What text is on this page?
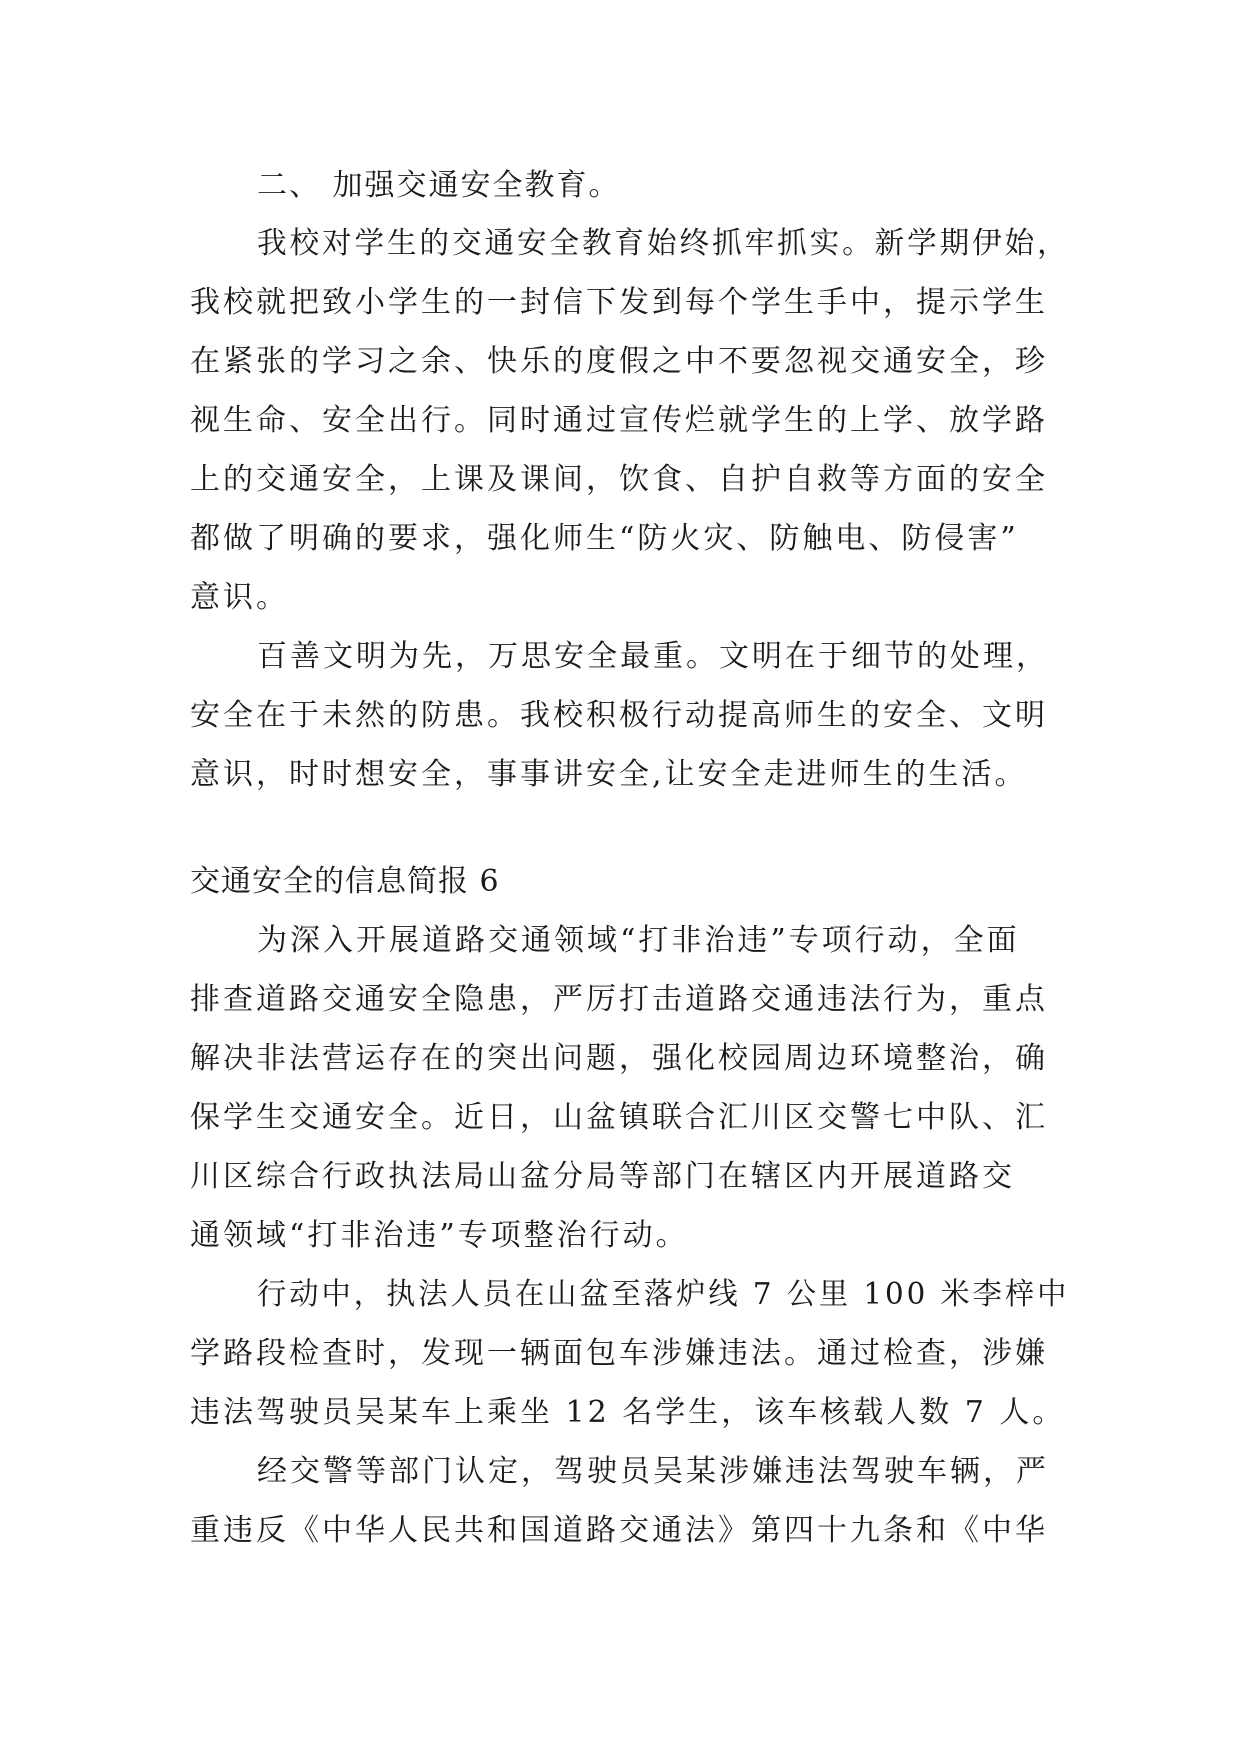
二、 加强交通安全教育。
我校对学生的交通安全教育始终抓牢抓实。新学期伊始，
我校就把致小学生的一封信下发到每个学生手中，提示学生
在紧张的学习之余、快乐的度假之中不要忽视交通安全，珍
视生命、安全出行。同时通过宣传烂就学生的上学、放学路
上的交通安全，上课及课间，饮食、自护自救等方面的安全
都做了明确的要求，强化师生“防火灾、防触电、防侵害”
意识。
百善文明为先，万思安全最重。文明在于细节的处理，
安全在于未然的防患。我校积极行动提高师生的安全、文明
意识，时时想安全，事事讲安全,让安全走进师生的生活。
交通安全的信息简报 6
为深入开展道路交通领域“打非治违”专项行动，全面
排查道路交通安全隐患，严厉打击道路交通违法行为，重点
解决非法营运存在的突出问题，强化校园周边环境整治，确
保学生交通安全。近日，山盆镇联合汇川区交警七中队、汇
川区综合行政执法局山盆分局等部门在辖区内开展道路交
通领域“打非治违”专项整治行动。
行动中，执法人员在山盆至落炉线 7 公里 100 米李梓中
学路段检查时，发现一辆面包车涉嫌违法。通过检查，涉嫌
违法驾驶员吴某车上乘坐 12 名学生，该车核载人数 7 人。
经交警等部门认定，驾驶员吴某涉嫌违法驾驶车辆，严
重违反《中华人民共和国道路交通法》第四十九条和《中华
